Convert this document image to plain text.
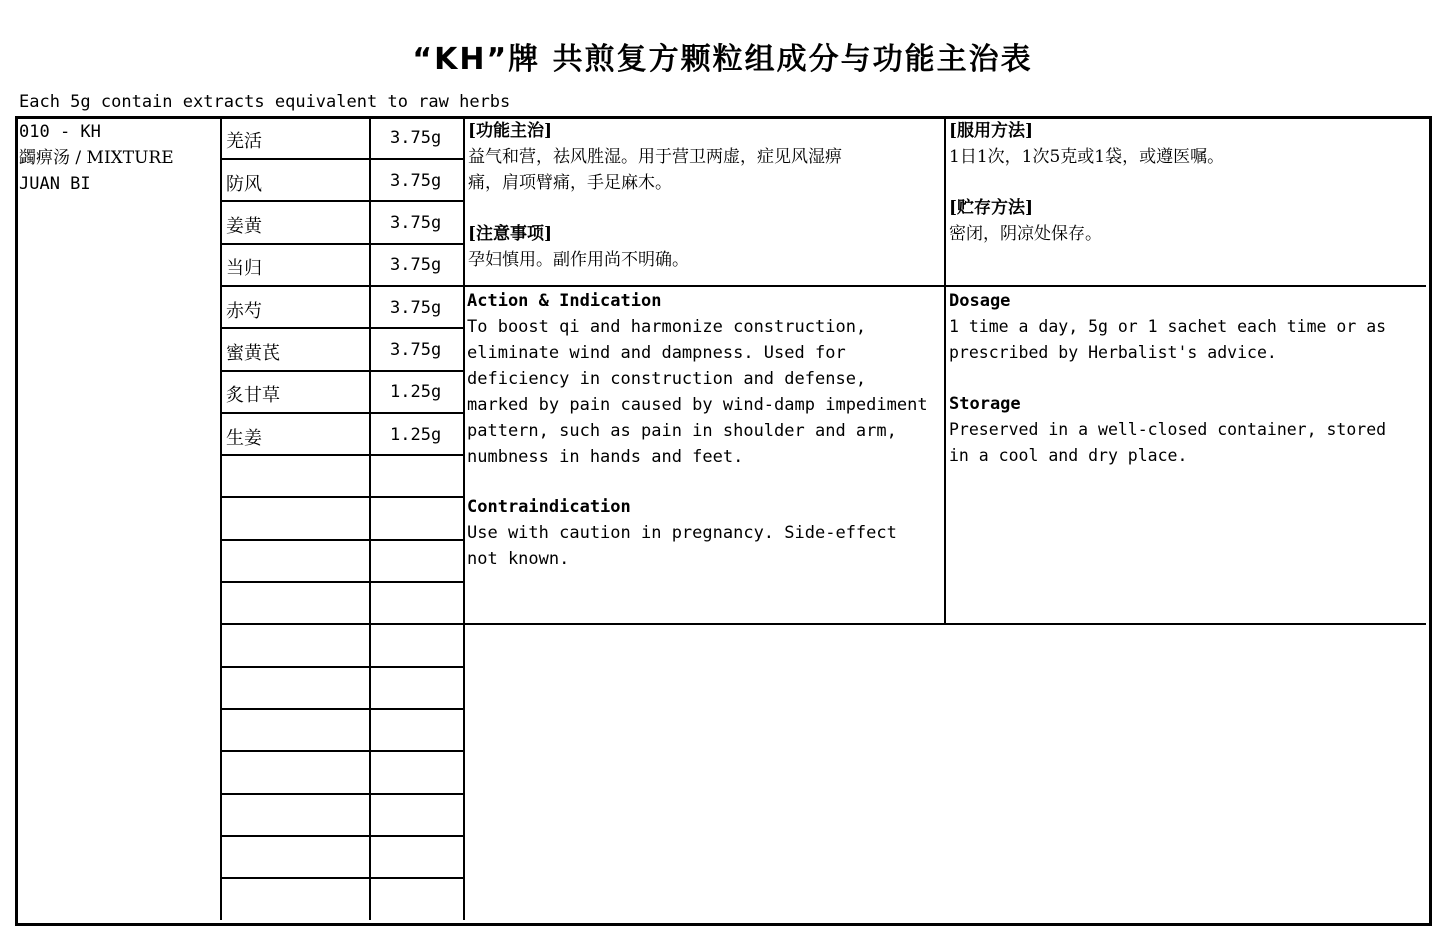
“KH”牌 共煎复方颗粒组成分与功能主治表
Each 5g contain extracts equivalent to raw herbs
010 - KH
蠲痹汤 / MIXTURE
JUAN BI
羌活	3.75g
防风	3.75g
姜黄	3.75g
当归	3.75g
赤芍	3.75g
蜜黄芪	3.75g
炙甘草	1.25g
生姜	1.25g
[功能主治]
益气和营，祛风胜湿。用于营卫两虚，症见风湿痹
痛，肩项臂痛，手足麻木。
[注意事项]
孕妇慎用。副作用尚不明确。
[服用方法]
1日1次，1次5克或1袋，或遵医嘱。
[贮存方法]
密闭，阴凉处保存。
Action & Indication
To boost qi and harmonize construction,
eliminate wind and dampness. Used for
deficiency in construction and defense,
marked by pain caused by wind-damp impediment
pattern, such as pain in shoulder and arm,
numbness in hands and feet.
Contraindication
Use with caution in pregnancy. Side-effect
not known.
Dosage
1 time a day, 5g or 1 sachet each time or as
prescribed by Herbalist's advice.
Storage
Preserved in a well-closed container, stored
in a cool and dry place.
